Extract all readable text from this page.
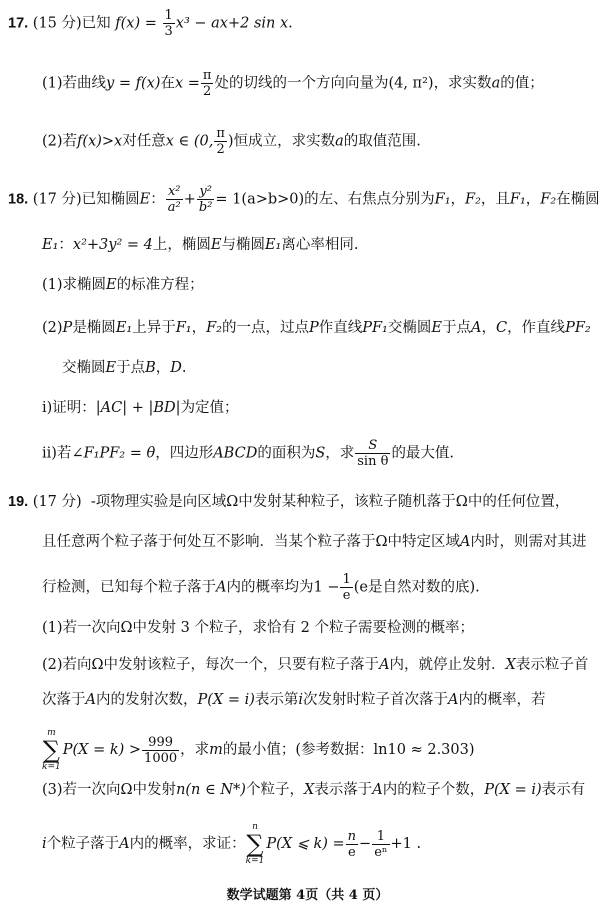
17. (15 分)已知 $f(x) = \frac{1}{3} x^3 - ax+2$ sin x.
(1)若曲线y = f(x)在$x = \frac{\pi}{2}$ 处的切线的一个方向向量为(4, π²)，求实数a的值；
(2)若f(x)>x对任意x ∈ (0, $\frac{\pi}{2}$ )恒成立，求实数a的取值范围.
18. (17 分)已知椭圆E： $\frac{\text{x²}}{\text{a²}} + \frac{\text{y²}}{\text{b²}} = 1(a>b>0)$的左、右焦点分别为F₁，F₂，且F₁，F₂在椭圆
E₁：x²+3y² = 4上，椭圆E与椭圆E₁离心率相同.
(1)求椭圆E的标准方程；
(2)P是椭圆E₁上异于F₁，F₂的一点，过点P作直线PF₁交椭圆E于点A，C，作直线PF₂
交椭圆E于点B，D.
i)证明：|AC| + |BD|为定值；
ii)若∠F₁PF₂ = θ，四边形ABCD的面积为S，求 $\frac{S}{\text{sin θ}}$ 的最大值.
19. (17 分) -项物理实验是向区域Ω中发射某种粒子，该粒子随机落于Ω中的任何位置，
且任意两个粒子落于何处互不影响．当某个粒子落于Ω中特定区域A内时，则需对其进
行检测，已知每个粒子落于A内的概率均为$1 - \frac{1}{e} (e$是自然对数的底).
(1)若一次向Ω中发射 3 个粒子，求恰有 2 个粒子需要检测的概率；
(2)若向Ω中发射该粒子，每次一个，只要有粒子落于A内，就停止发射．X表示粒子首
次落于A内的发射次数，P(X = i)表示第i次发射时粒子首次落于A内的概率，若
m
∑
k=1
$P(X = k) > \frac{999}{1000}$ ，求m的最小值；(参考数据：ln10 ≈ 2.303)
(3)若一次向Ω中发射n(n ∈ N*)个粒子，X表示落于A内的粒子个数，P(X = i)表示有
i个粒子落于A内的概率，求证：
n
∑
k=1
P(X ⩽ $k) = \frac{n}{e} - \frac{1}{\text{eⁿ}} +1$ .
数学试题第 4页（共 4 页）
